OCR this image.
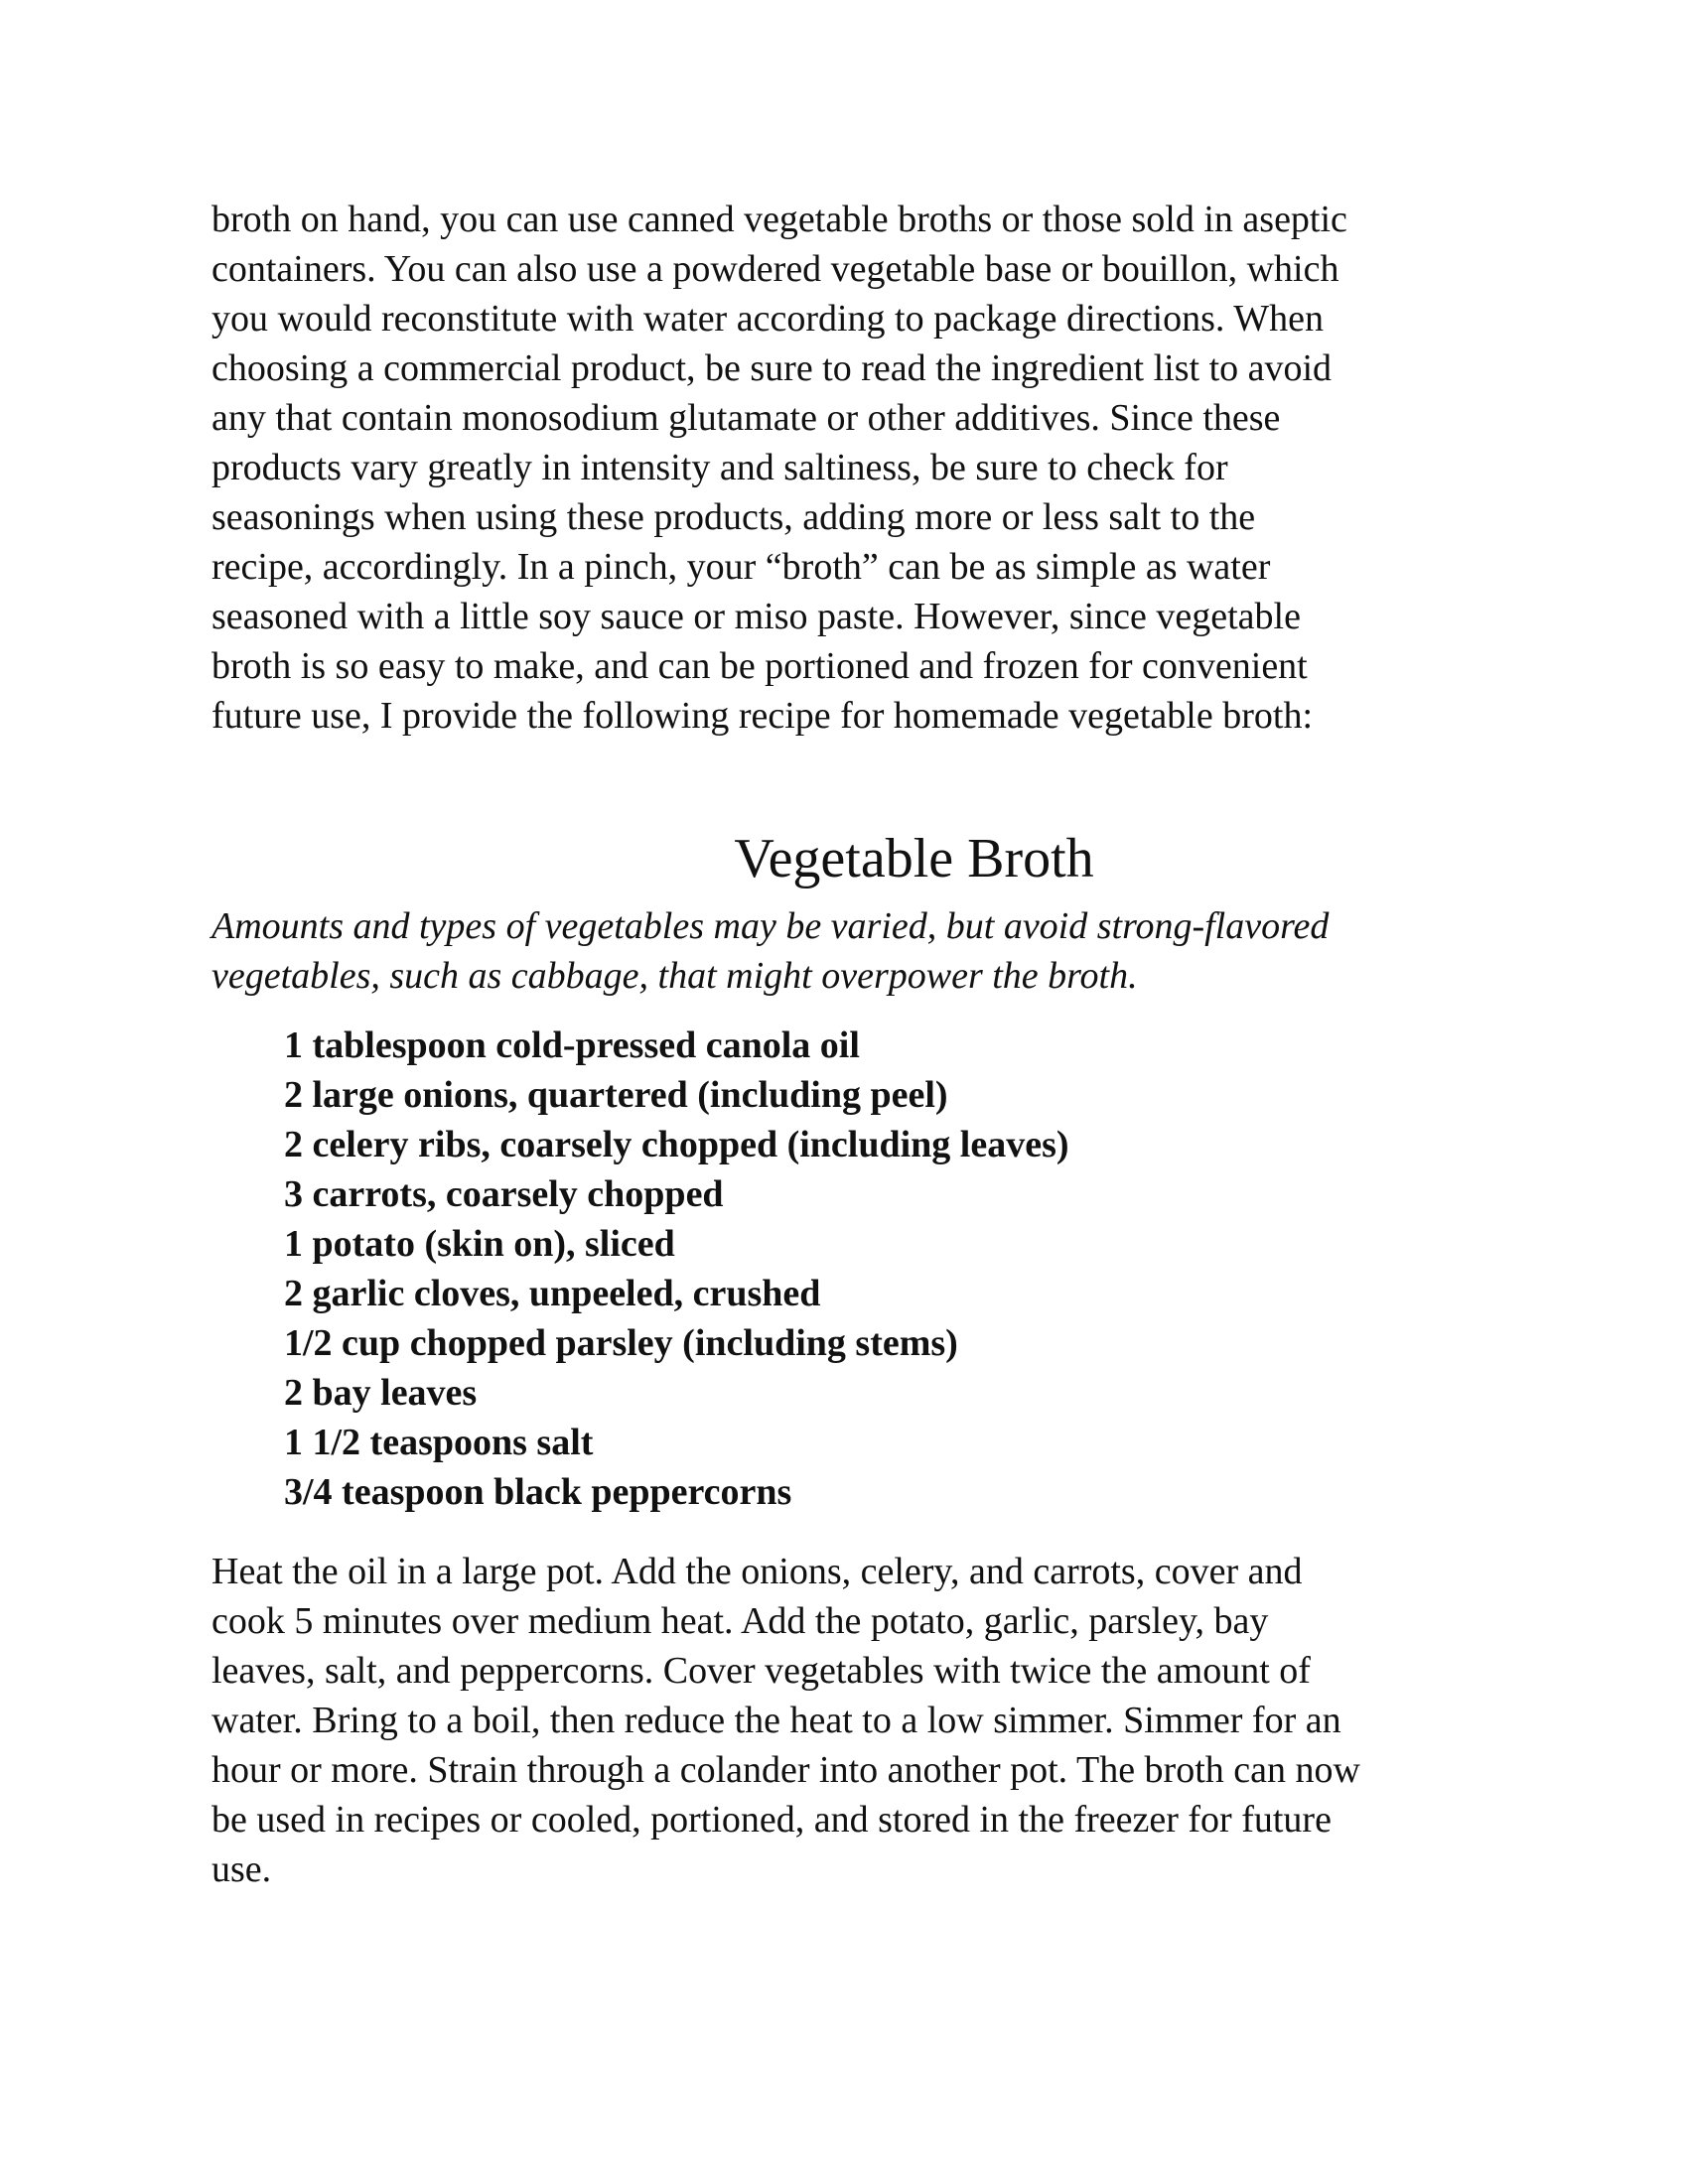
broth on hand, you can use canned vegetable broths or those sold in aseptic
containers. You can also use a powdered vegetable base or bouillon, which
you would reconstitute with water according to package directions. When
choosing a commercial product, be sure to read the ingredient list to avoid
any that contain monosodium glutamate or other additives. Since these
products vary greatly in intensity and saltiness, be sure to check for
seasonings when using these products, adding more or less salt to the
recipe, accordingly. In a pinch, your “broth” can be as simple as water
seasoned with a little soy sauce or miso paste. However, since vegetable
broth is so easy to make, and can be portioned and frozen for convenient
future use, I provide the following recipe for homemade vegetable broth:

Vegetable Broth

Amounts and types of vegetables may be varied, but avoid strong-flavored
vegetables, such as cabbage, that might overpower the broth.

1 tablespoon cold-pressed canola oil
2 large onions, quartered (including peel)
2 celery ribs, coarsely chopped (including leaves)
3 carrots, coarsely chopped
1 potato (skin on), sliced
2 garlic cloves, unpeeled, crushed
1/2 cup chopped parsley (including stems)
2 bay leaves
1 1/2 teaspoons salt
3/4 teaspoon black peppercorns

Heat the oil in a large pot. Add the onions, celery, and carrots, cover and
cook 5 minutes over medium heat. Add the potato, garlic, parsley, bay
leaves, salt, and peppercorns. Cover vegetables with twice the amount of
water. Bring to a boil, then reduce the heat to a low simmer. Simmer for an
hour or more. Strain through a colander into another pot. The broth can now
be used in recipes or cooled, portioned, and stored in the freezer for future
use.
